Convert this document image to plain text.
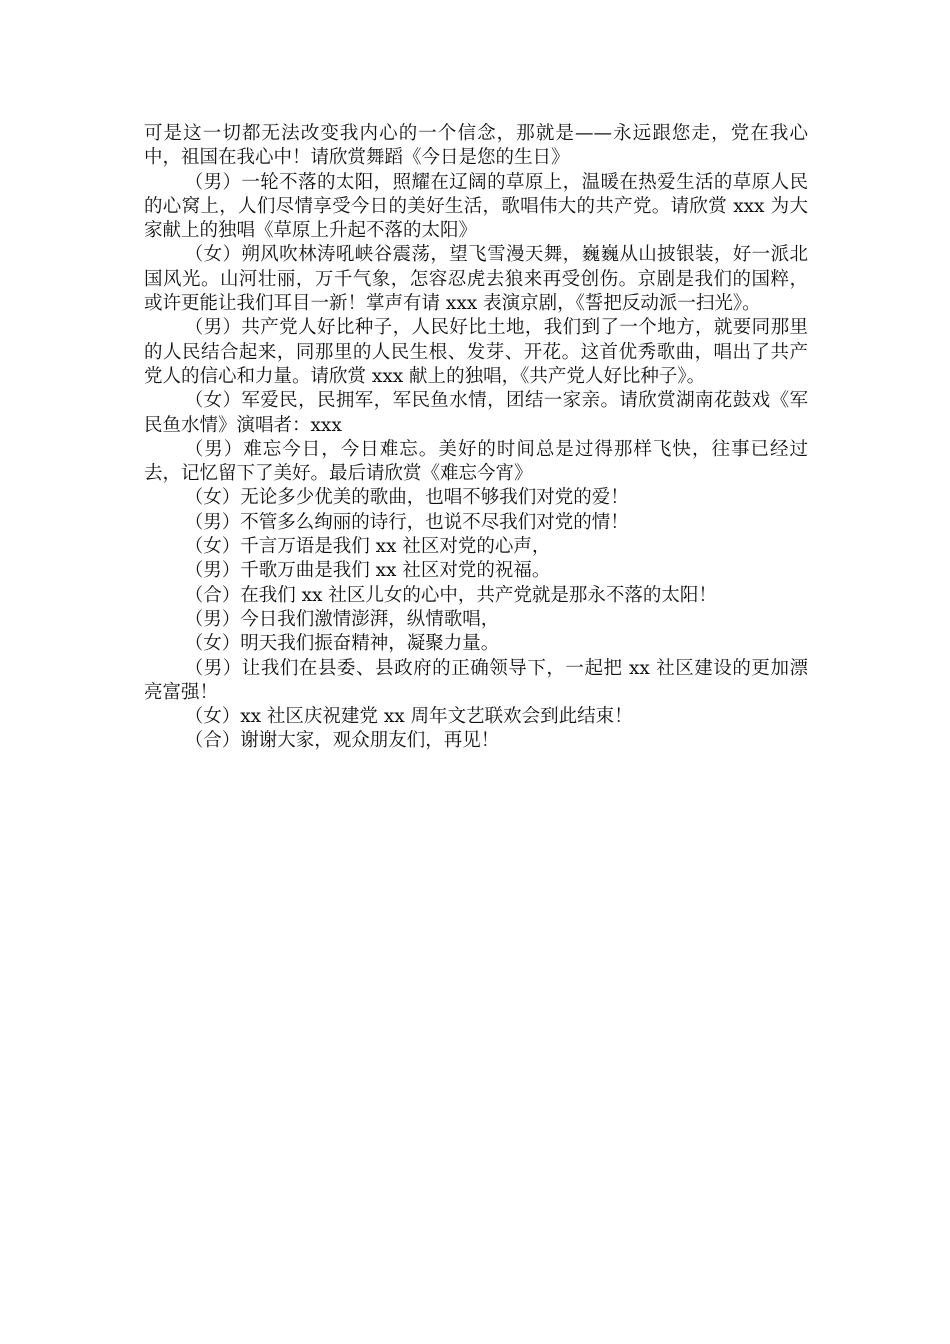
可是这一切都无法改变我内心的一个信念，那就是——永远跟您走，党在我心中，祖国在我心中！请欣赏舞蹈《今日是您的生日》

（男）一轮不落的太阳，照耀在辽阔的草原上，温暖在热爱生活的草原人民的心窝上，人们尽情享受今日的美好生活，歌唱伟大的共产党。请欣赏 xxx 为大家献上的独唱《草原上升起不落的太阳》

（女）朔风吹林涛吼峡谷震荡，望飞雪漫天舞，巍巍从山披银装，好一派北国风光。山河壮丽，万千气象，怎容忍虎去狼来再受创伤。京剧是我们的国粹，或许更能让我们耳目一新！掌声有请 xxx 表演京剧，《誓把反动派一扫光》。

（男）共产党人好比种子，人民好比土地，我们到了一个地方，就要同那里的人民结合起来，同那里的人民生根、发芽、开花。这首优秀歌曲，唱出了共产党人的信心和力量。请欣赏 xxx 献上的独唱，《共产党人好比种子》。

（女）军爱民，民拥军，军民鱼水情，团结一家亲。请欣赏湖南花鼓戏《军民鱼水情》演唱者：xxx

（男）难忘今日，今日难忘。美好的时间总是过得那样飞快，往事已经过去，记忆留下了美好。最后请欣赏《难忘今宵》

（女）无论多少优美的歌曲，也唱不够我们对党的爱！

（男）不管多么绚丽的诗行，也说不尽我们对党的情！

（女）千言万语是我们 xx 社区对党的心声，

（男）千歌万曲是我们 xx 社区对党的祝福。

（合）在我们 xx 社区儿女的心中，共产党就是那永不落的太阳！

（男）今日我们激情澎湃，纵情歌唱，

（女）明天我们振奋精神，凝聚力量。

（男）让我们在县委、县政府的正确领导下，一起把 xx 社区建设的更加漂亮富强！

（女）xx 社区庆祝建党 xx 周年文艺联欢会到此结束！

（合）谢谢大家，观众朋友们，再见！
